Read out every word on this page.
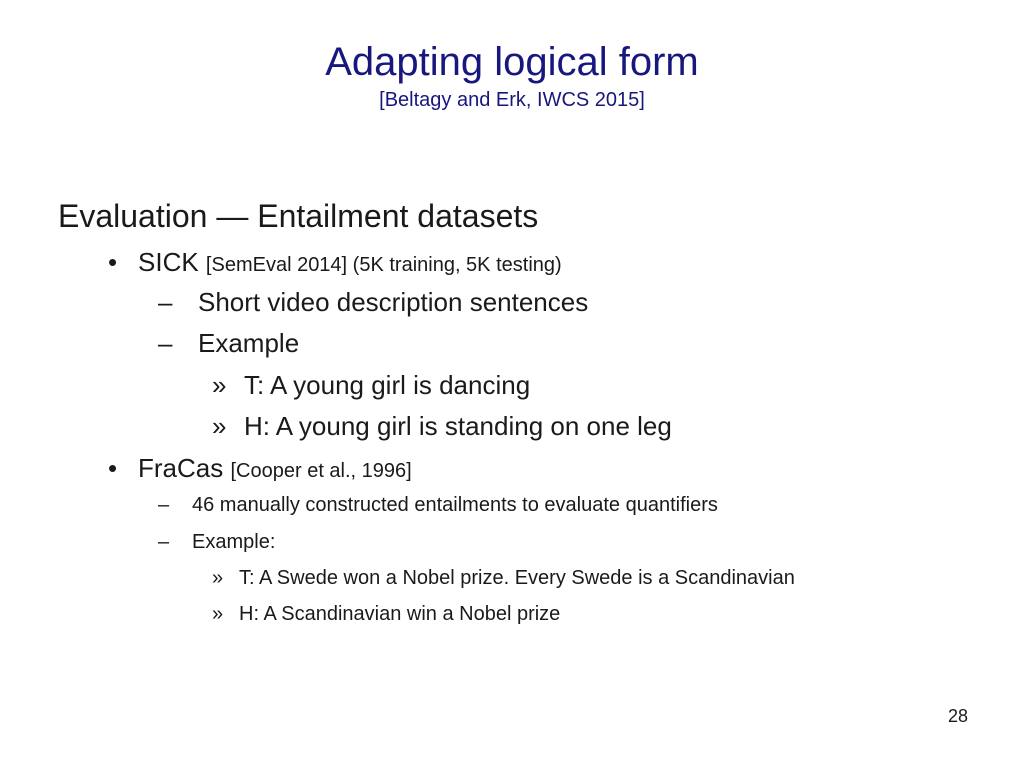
Adapting logical form
[Beltagy and Erk, IWCS 2015]
Evaluation — Entailment datasets
• SICK [SemEval 2014] (5K training, 5K testing)
– Short video description sentences
– Example
» T: A young girl is dancing
» H: A young girl is standing on one leg
• FraCas [Cooper et al., 1996]
– 46 manually constructed entailments to evaluate quantifiers
– Example:
» T: A Swede won a Nobel prize. Every Swede is a Scandinavian
» H: A Scandinavian win a Nobel prize
28
